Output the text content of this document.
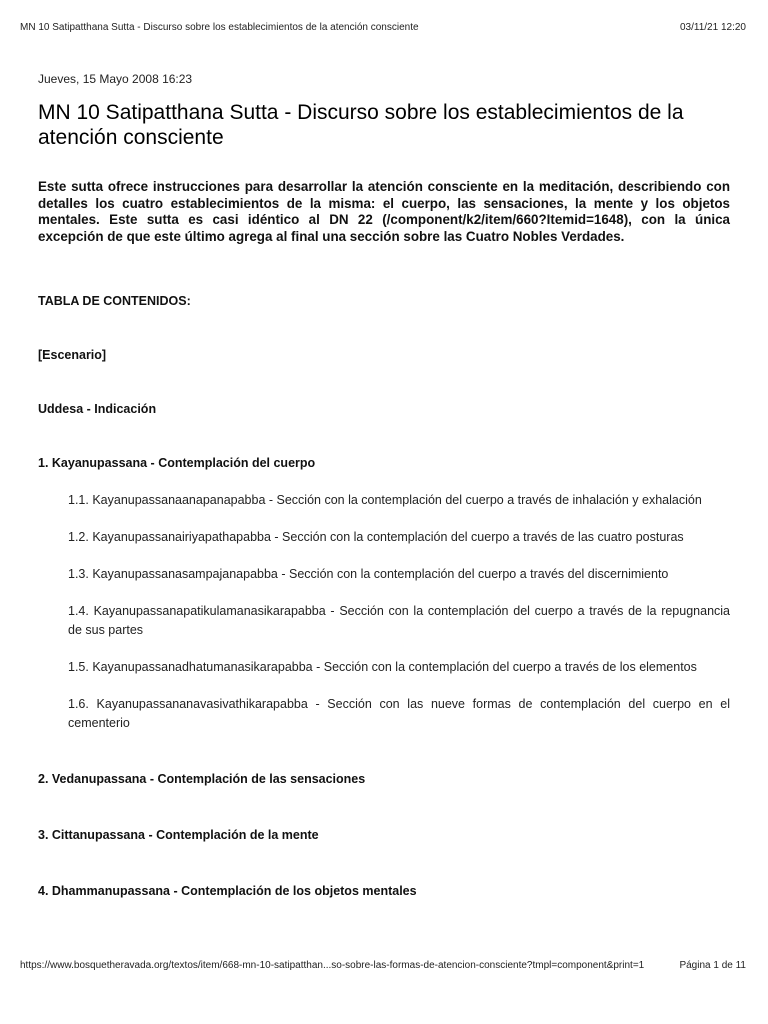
MN 10 Satipatthana Sutta - Discurso sobre los establecimientos de la atención consciente	03/11/21 12:20
Jueves, 15 Mayo 2008 16:23
MN 10 Satipatthana Sutta - Discurso sobre los establecimientos de la atención consciente

Este sutta ofrece instrucciones para desarrollar la atención consciente en la meditación, describiendo con detalles los cuatro establecimientos de la misma: el cuerpo, las sensaciones, la mente y los objetos mentales. Este sutta es casi idéntico al DN 22 (/component/k2/item/660?Itemid=1648), con la única excepción de que este último agrega al final una sección sobre las Cuatro Nobles Verdades.

TABLA DE CONTENIDOS:
[Escenario]
Uddesa - Indicación
1. Kayanupassana - Contemplación del cuerpo
1.1. Kayanupassanaanapanapabba - Sección con la contemplación del cuerpo a través de inhalación y exhalación
1.2. Kayanupassanairiyapathapabba - Sección con la contemplación del cuerpo a través de las cuatro posturas
1.3. Kayanupassanasampajanapabba - Sección con la contemplación del cuerpo a través del discernimiento
1.4. Kayanupassanapatikulamanasikarapabba - Sección con la contemplación del cuerpo a través de la repugnancia de sus partes
1.5. Kayanupassanadhatumanasikarapabba - Sección con la contemplación del cuerpo a través de los elementos
1.6. Kayanupassananavasivathikarapabba - Sección con las nueve formas de contemplación del cuerpo en el cementerio
2. Vedanupassana - Contemplación de las sensaciones
3. Cittanupassana - Contemplación de la mente
4. Dhammanupassana - Contemplación de los objetos mentales
https://www.bosquetheravada.org/textos/item/668-mn-10-satipatthan...so-sobre-las-formas-de-atencion-consciente?tmpl=component&print=1	Página 1 de 11
